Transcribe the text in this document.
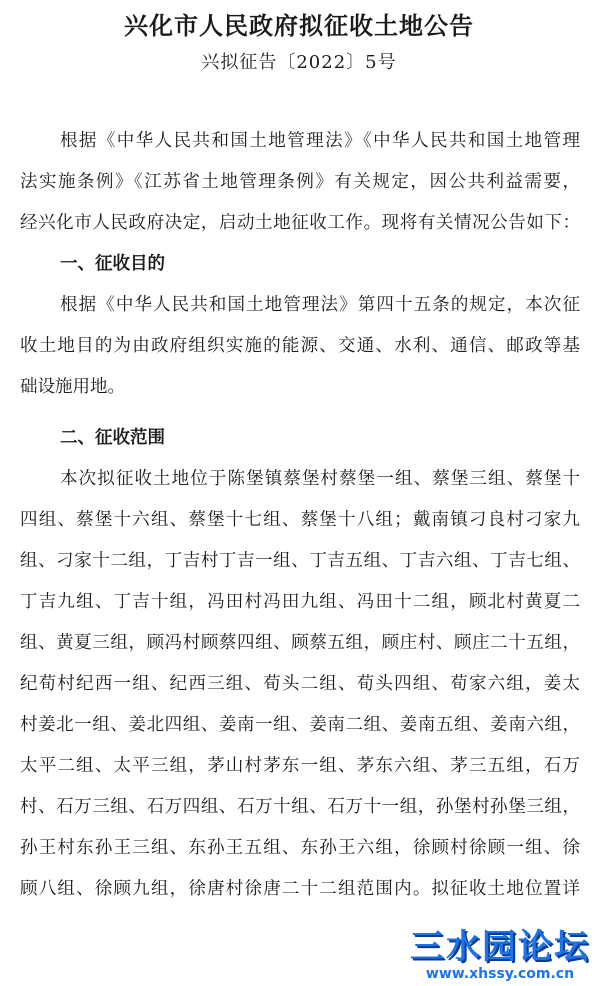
兴化市人民政府拟征收土地公告
兴拟征告〔2022〕5号
根据《中华人民共和国土地管理法》《中华人民共和国土地管理
法实施条例》《江苏省土地管理条例》有关规定，因公共利益需要，
经兴化市人民政府决定，启动土地征收工作。现将有关情况公告如下：
一、征收目的
根据《中华人民共和国土地管理法》第四十五条的规定，本次征
收土地目的为由政府组织实施的能源、交通、水利、通信、邮政等基
础设施用地。
二、征收范围
本次拟征收土地位于陈堡镇蔡堡村蔡堡一组、蔡堡三组、蔡堡十
四组、蔡堡十六组、蔡堡十七组、蔡堡十八组；戴南镇刁良村刁家九
组、刁家十二组，丁吉村丁吉一组、丁吉五组、丁吉六组、丁吉七组、
丁吉九组、丁吉十组，冯田村冯田九组、冯田十二组，顾北村黄夏二
组、黄夏三组，顾冯村顾蔡四组、顾蔡五组，顾庄村、顾庄二十五组，
纪荀村纪西一组、纪西三组、荀头二组、荀头四组、荀家六组，姜太
村姜北一组、姜北四组、姜南一组、姜南二组、姜南五组、姜南六组，
太平二组、太平三组，茅山村茅东一组、茅东六组、茅三五组，石万
村、石万三组、石万四组、石万十组、石万十一组，孙堡村孙堡三组，
孙王村东孙王三组、东孙王五组、东孙王六组，徐顾村徐顾一组、徐
顾八组、徐顾九组，徐唐村徐唐二十二组范围内。拟征收土地位置详
三水园论坛
www.xhssy.com.cn
